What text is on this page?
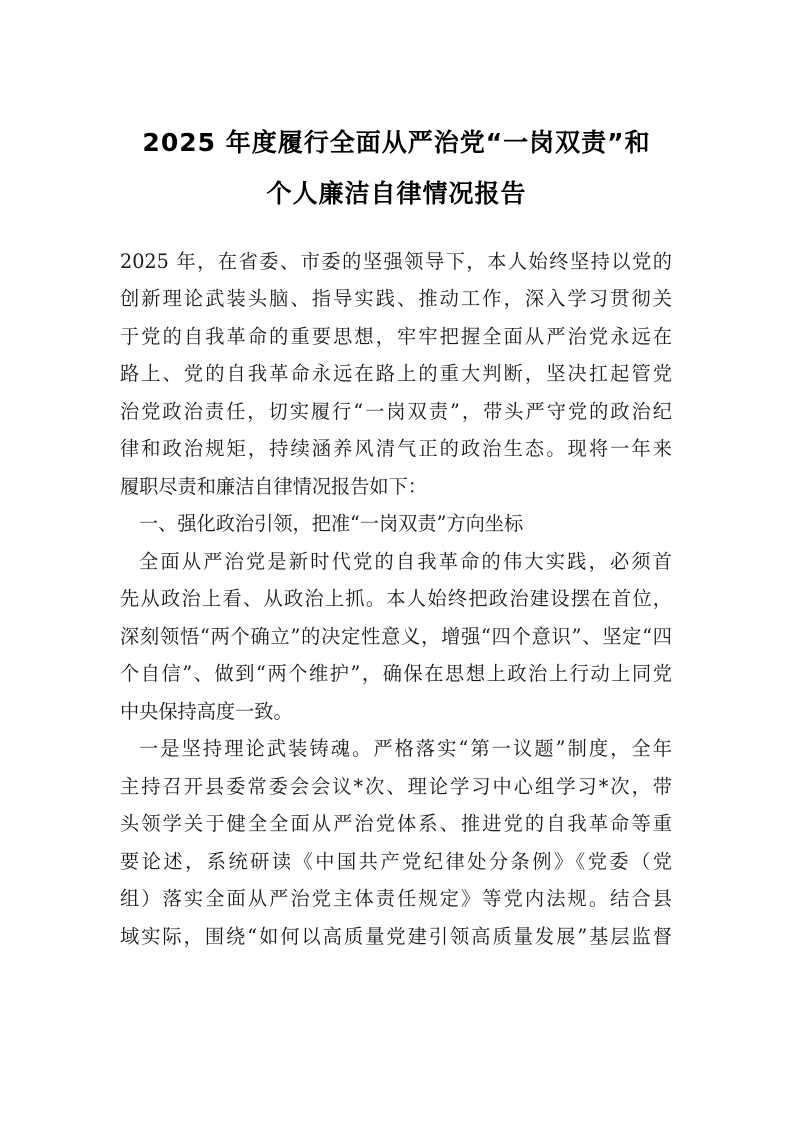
2025 年度履行全面从严治党“一岗双责”和
个人廉洁自律情况报告
2025 年，在省委、市委的坚强领导下，本人始终坚持以党的
创新理论武装头脑、指导实践、推动工作，深入学习贯彻关
于党的自我革命的重要思想，牢牢把握全面从严治党永远在
路上、党的自我革命永远在路上的重大判断，坚决扛起管党
治党政治责任，切实履行“一岗双责”，带头严守党的政治纪
律和政治规矩，持续涵养风清气正的政治生态。现将一年来
履职尽责和廉洁自律情况报告如下：
一、强化政治引领，把准“一岗双责”方向坐标
全面从严治党是新时代党的自我革命的伟大实践，必须首
先从政治上看、从政治上抓。本人始终把政治建设摆在首位，
深刻领悟“两个确立”的决定性意义，增强“四个意识”、坚定“四
个自信”、做到“两个维护”，确保在思想上政治上行动上同党
中央保持高度一致。
一是坚持理论武装铸魂。严格落实“第一议题”制度，全年
主持召开县委常委会会议*次、理论学习中心组学习*次，带
头领学关于健全全面从严治党体系、推进党的自我革命等重
要论述，系统研读《中国共产党纪律处分条例》《党委（党
组）落实全面从严治党主体责任规定》等党内法规。结合县
域实际，围绕“如何以高质量党建引领高质量发展”基层监督
